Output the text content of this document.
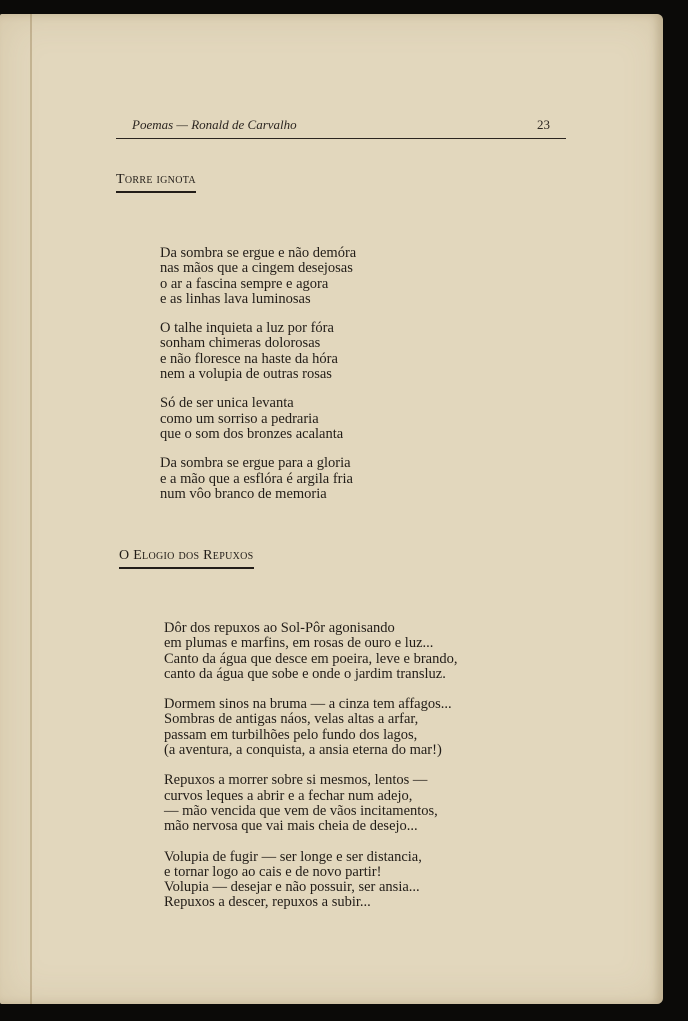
Poemas — Ronald de Carvalho	23
Torre ignota
Da sombra se ergue e não demóra
nas mãos que a cingem desejosas
o ar a fascina sempre e agora
e as linhas lava luminosas
O talhe inquieta a luz por fóra
sonham chimeras dolorosas
e não floresce na haste da hóra
nem a volupia de outras rosas
Só de ser unica levanta
como um sorriso a pedraria
que o som dos bronzes acalanta
Da sombra se ergue para a gloria
e a mão que a esflóra é argila fria
num vôo branco de memoria
O Elogio dos Repuxos
Dôr dos repuxos ao Sol-Pôr agonisando
em plumas e marfins, em rosas de ouro e luz...
Canto da água que desce em poeira, leve e brando,
canto da água que sobe e onde o jardim transluz.
Dormem sinos na bruma — a cinza tem affagos...
Sombras de antigas náos, velas altas a arfar,
passam em turbilhões pelo fundo dos lagos,
(a aventura, a conquista, a ansia eterna do mar!)
Repuxos a morrer sobre si mesmos, lentos —
curvos leques a abrir e a fechar num adejo,
— mão vencida que vem de vãos incitamentos,
mão nervosa que vai mais cheia de desejo...
Volupia de fugir — ser longe e ser distancia,
e tornar logo ao cais e de novo partir!
Volupia — desejar e não possuir, ser ansia...
Repuxos a descer, repuxos a subir...
